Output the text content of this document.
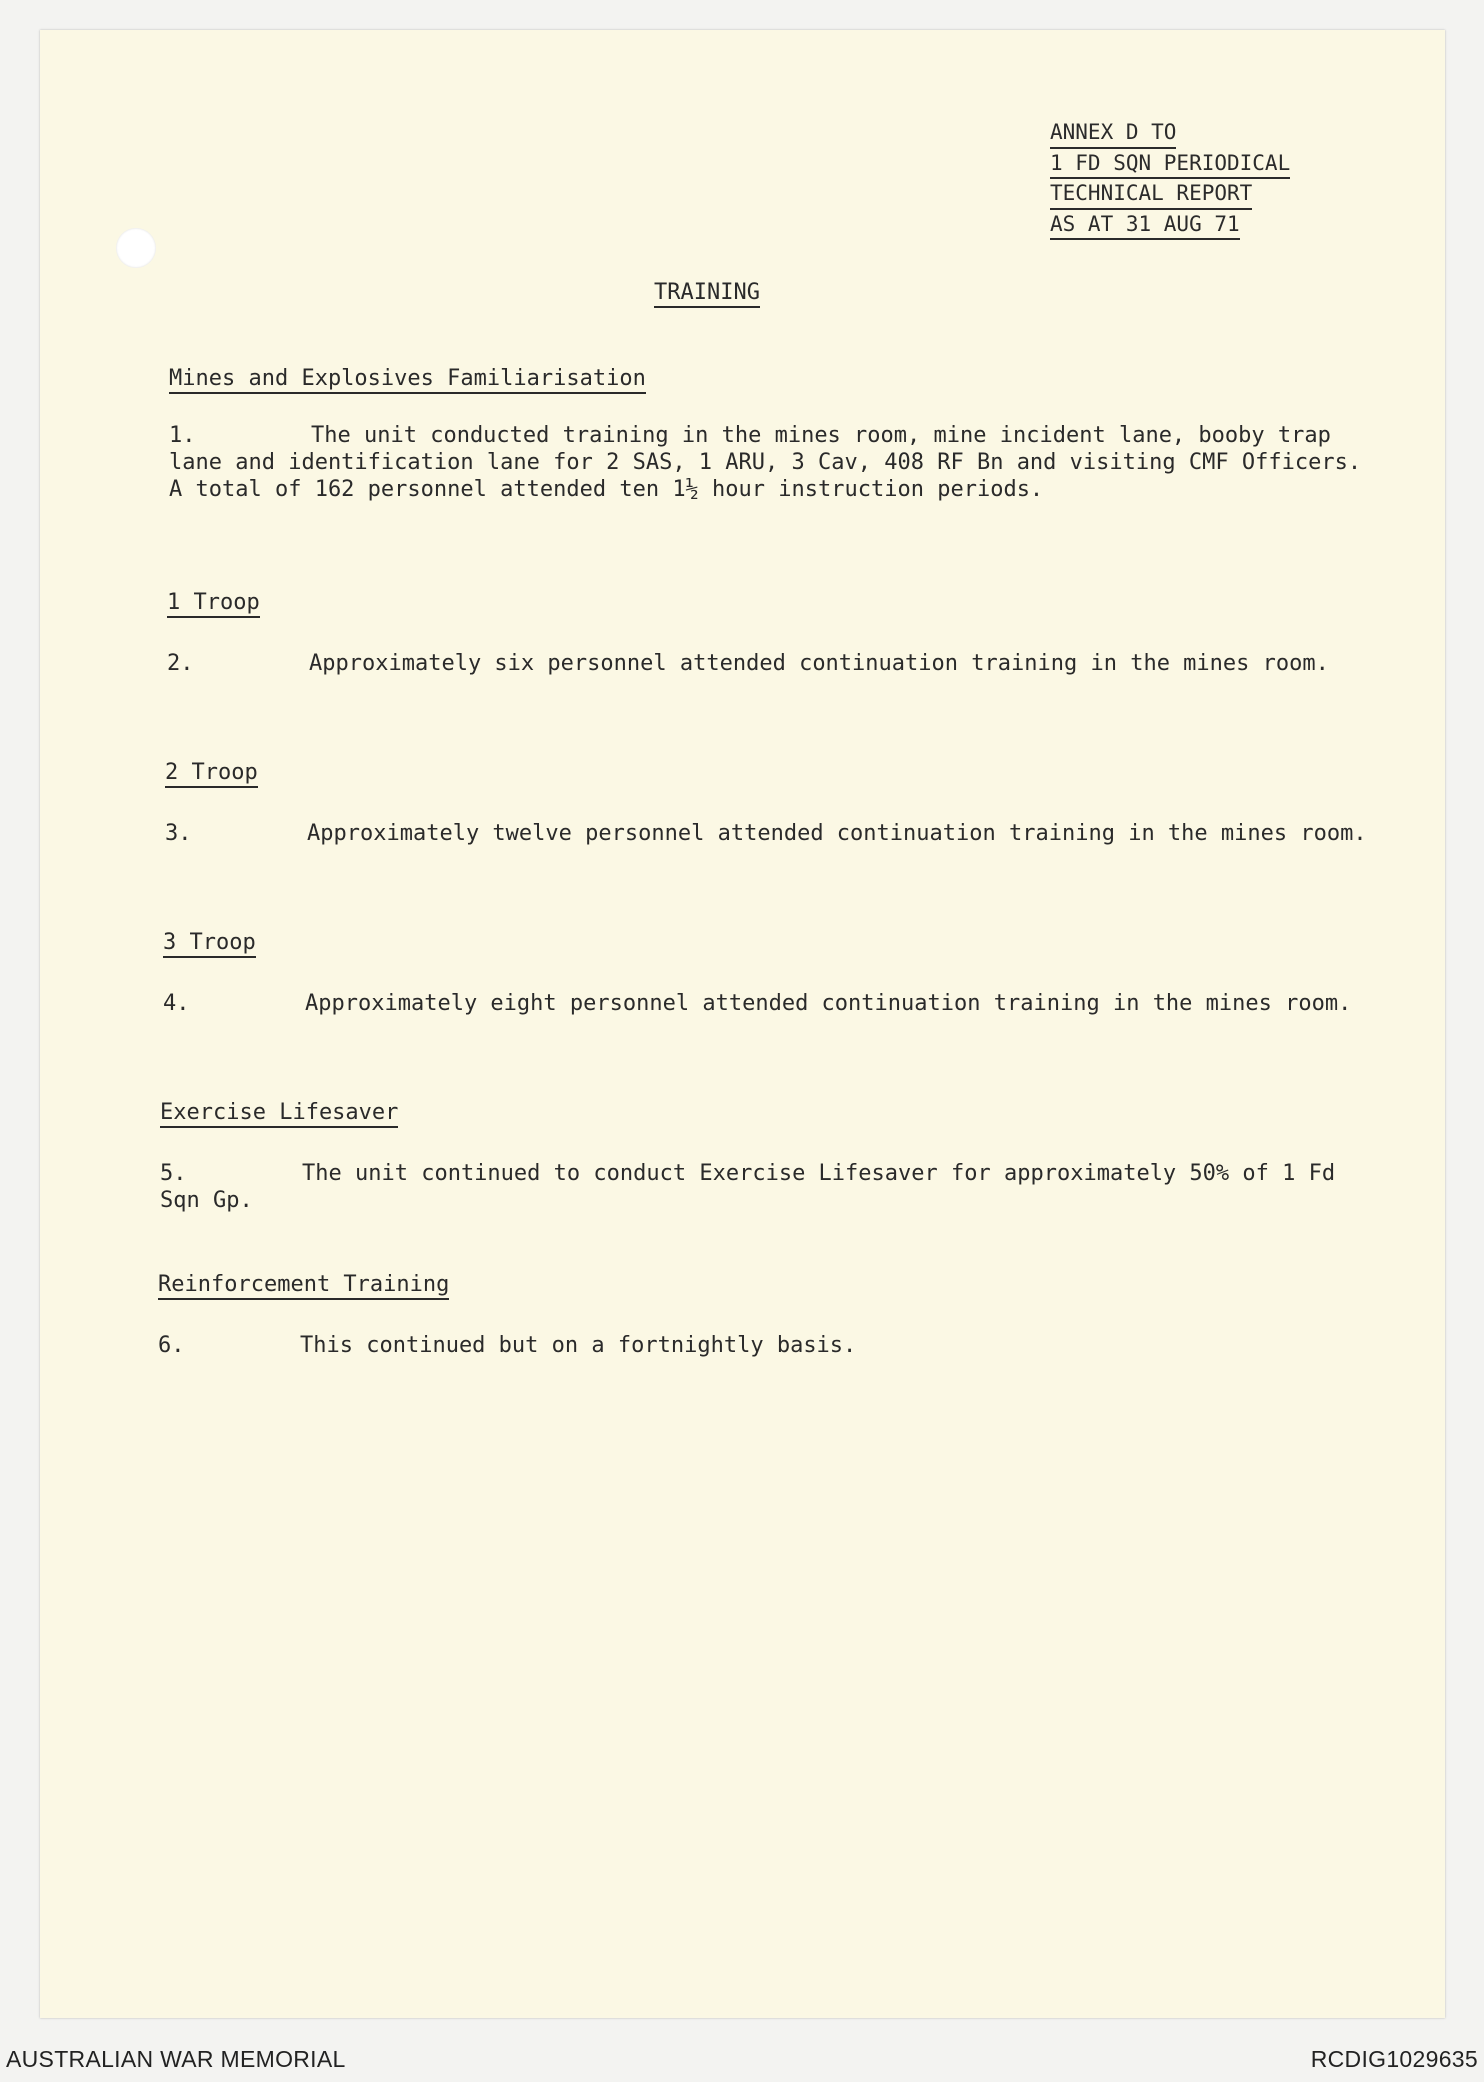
ANNEX D TO
1 FD SQN PERIODICAL
TECHNICAL REPORT
AS AT 31 AUG 71
TRAINING
Mines and Explosives Familiarisation
1.	The unit conducted training in the mines room, mine incident lane, booby trap lane and identification lane for 2 SAS, 1 ARU, 3 Cav, 408 RF Bn and visiting CMF Officers. A total of 162 personnel attended ten 1½ hour instruction periods.
1 Troop
2.	Approximately six personnel attended continuation training in the mines room.
2 Troop
3.	Approximately twelve personnel attended continuation training in the mines room.
3 Troop
4.	Approximately eight personnel attended continuation training in the mines room.
Exercise Lifesaver
5.	The unit continued to conduct Exercise Lifesaver for approximately 50% of 1 Fd Sqn Gp.
Reinforcement Training
6.	This continued but on a fortnightly basis.
AUSTRALIAN WAR MEMORIAL	RCDIG1029635
